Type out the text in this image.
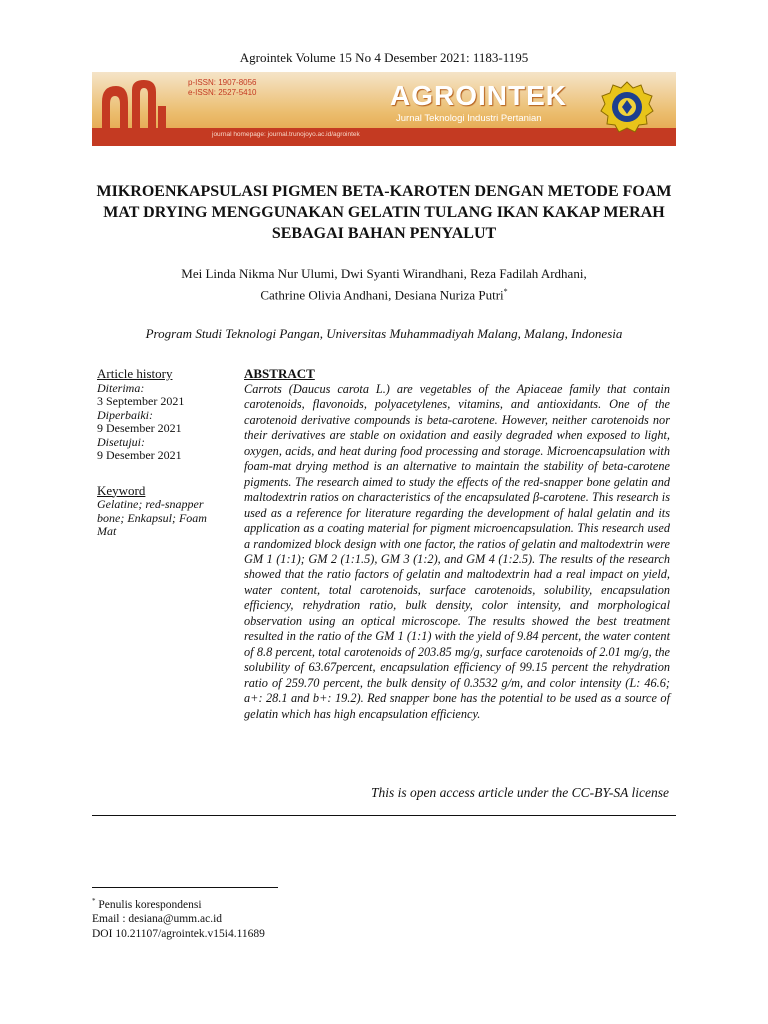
Agrointek Volume 15 No 4 Desember 2021: 1183-1195
p-ISSN: 1907-8056
e-ISSN: 2527-5410	AGROINTEK
Jurnal Teknologi Industri Pertanian
journal homepage: journal.trunojoyo.ac.id/agrointek
MIKROENKAPSULASI PIGMEN BETA-KAROTEN DENGAN METODE FOAM MAT DRYING MENGGUNAKAN GELATIN TULANG IKAN KAKAP MERAH SEBAGAI BAHAN PENYALUT
Mei Linda Nikma Nur Ulumi, Dwi Syanti Wirandhani, Reza Fadilah Ardhani,
Cathrine Olivia Andhani, Desiana Nuriza Putri*
Program Studi Teknologi Pangan, Universitas Muhammadiyah Malang, Malang, Indonesia
Article history
Diterima:
3 September 2021
Diperbaiki:
9 Desember 2021
Disetujui:
9 Desember 2021
Keyword
Gelatine; red-snapper bone; Enkapsul; Foam Mat
ABSTRACT
Carrots (Daucus carota L.) are vegetables of the Apiaceae family that contain carotenoids, flavonoids, polyacetylenes, vitamins, and antioxidants. One of the carotenoid derivative compounds is beta-carotene. However, neither carotenoids nor their derivatives are stable on oxidation and easily degraded when exposed to light, oxygen, acids, and heat during food processing and storage. Microencapsulation with foam-mat drying method is an alternative to maintain the stability of beta-carotene pigments. The research aimed to study the effects of the red-snapper bone gelatin and maltodextrin ratios on characteristics of the encapsulated β-carotene. This research is used as a reference for literature regarding the development of halal gelatin and its application as a coating material for pigment microencapsulation. This research used a randomized block design with one factor, the ratios of gelatin and maltodextrin were GM 1 (1:1); GM 2 (1:1.5), GM 3 (1:2), and GM 4 (1:2.5). The results of the research showed that the ratio factors of gelatin and maltodextrin had a real impact on yield, water content, total carotenoids, surface carotenoids, solubility, encapsulation efficiency, rehydration ratio, bulk density, color intensity, and morphological observation using an optical microscope. The results showed the best treatment resulted in the ratio of the GM 1 (1:1) with the yield of 9.84 percent, the water content of 8.8 percent, total carotenoids of 203.85 mg/g, surface carotenoids of 2.01 mg/g, the solubility of 63.67percent, encapsulation efficiency of 99.15 percent the rehydration ratio of 259.70 percent, the bulk density of 0.3532 g/m, and color intensity (L: 46.6; a+: 28.1 and b+: 19.2). Red snapper bone has the potential to be used as a source of gelatin which has high encapsulation efficiency.
This is open access article under the CC-BY-SA license
* Penulis korespondensi
Email : desiana@umm.ac.id
DOI 10.21107/agrointek.v15i4.11689
